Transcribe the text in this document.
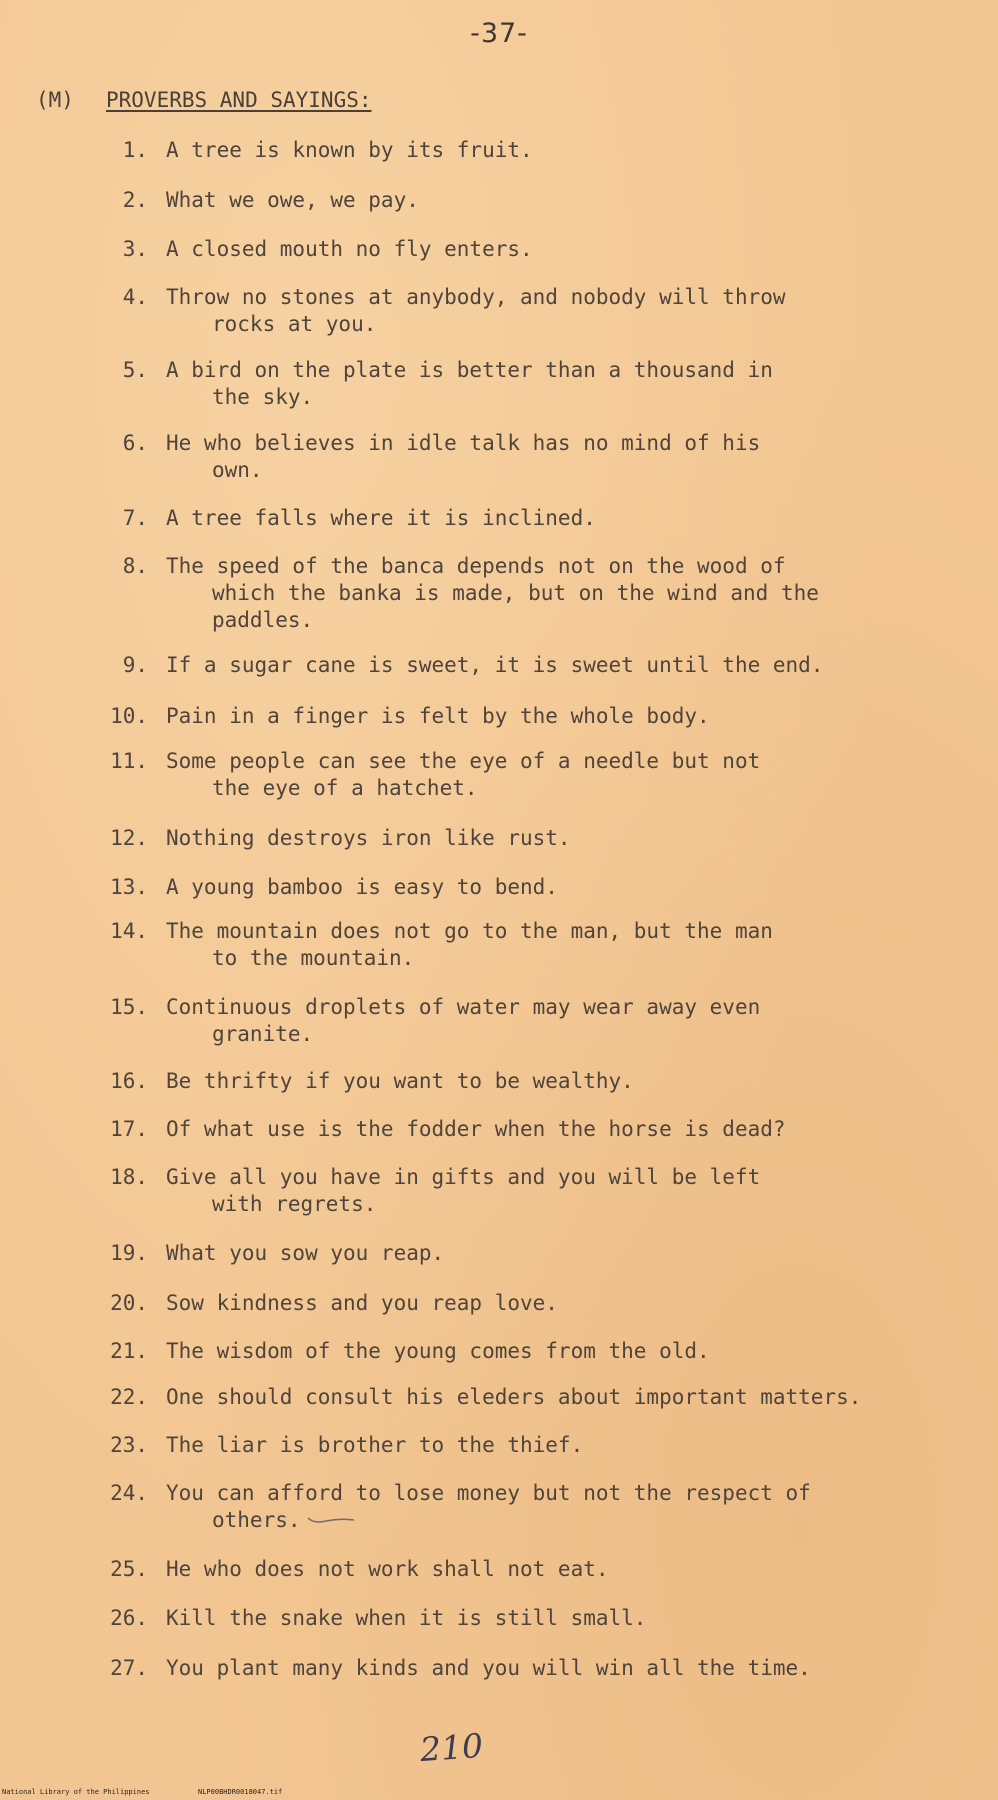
-37-
(M) PROVERBS AND SAYINGS:
1. A tree is known by its fruit.
2. What we owe, we pay.
3. A closed mouth no fly enters.
4. Throw no stones at anybody, and nobody will throw
rocks at you.
5. A bird on the plate is better than a thousand in
the sky.
6. He who believes in idle talk has no mind of his
own.
7. A tree falls where it is inclined.
8. The speed of the banca depends not on the wood of
which the banka is made, but on the wind and the
paddles.
9. If a sugar cane is sweet, it is sweet until the end.
10. Pain in a finger is felt by the whole body.
11. Some people can see the eye of a needle but not
the eye of a hatchet.
12. Nothing destroys iron like rust.
13. A young bamboo is easy to bend.
14. The mountain does not go to the man, but the man
to the mountain.
15. Continuous droplets of water may wear away even
granite.
16. Be thrifty if you want to be wealthy.
17. Of what use is the fodder when the horse is dead?
18. Give all you have in gifts and you will be left
with regrets.
19. What you sow you reap.
20. Sow kindness and you reap love.
21. The wisdom of the young comes from the old.
22. One should consult his eleders about important matters.
23. The liar is brother to the thief.
24. You can afford to lose money but not the respect of
others.
25. He who does not work shall not eat.
26. Kill the snake when it is still small.
27. You plant many kinds and you will win all the time.
210
National Library of the Philippines	NLP00BHDR0018047.tif
